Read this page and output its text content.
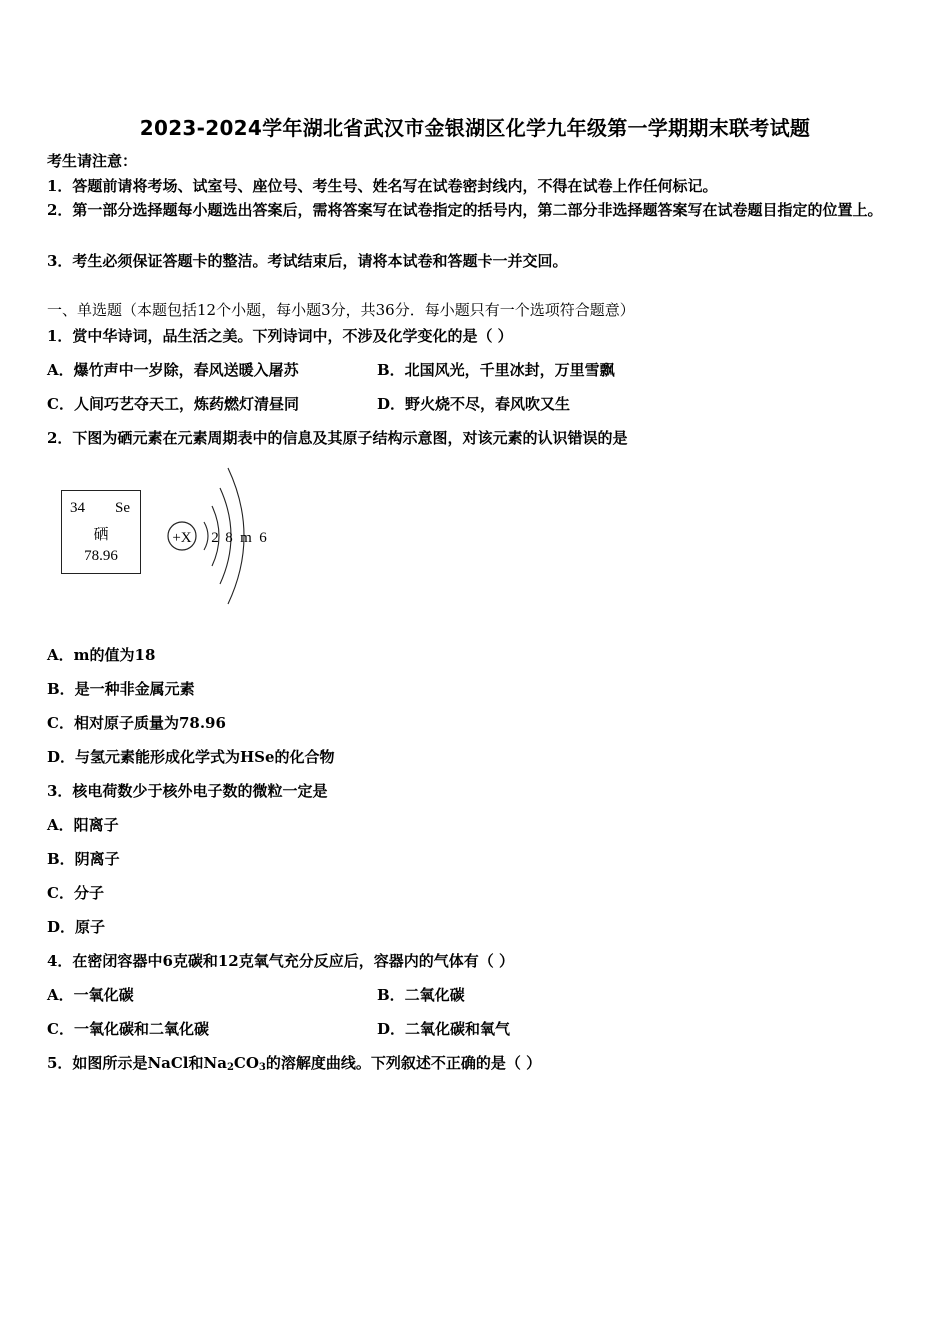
2023-2024学年湖北省武汉市金银湖区化学九年级第一学期期末联考试题
考生请注意：
1．答题前请将考场、试室号、座位号、考生号、姓名写在试卷密封线内，不得在试卷上作任何标记。
2．第一部分选择题每小题选出答案后，需将答案写在试卷指定的括号内，第二部分非选择题答案写在试卷题目指定的位置上。
3．考生必须保证答题卡的整洁。考试结束后，请将本试卷和答题卡一并交回。
一、单选题（本题包括12个小题，每小题3分，共36分．每小题只有一个选项符合题意）
1．赏中华诗词，品生活之美。下列诗词中，不涉及化学变化的是（ ）
A．爆竹声中一岁除，春风送暖入屠苏	B．北国风光，千里冰封，万里雪飘
C．人间巧艺夺天工，炼药燃灯清昼同	D．野火烧不尽，春风吹又生
2．下图为硒元素在元素周期表中的信息及其原子结构示意图，对该元素的认识错误的是
34 Se
硒
78.96
+X 2 8 m 6
A．m的值为18
B．是一种非金属元素
C．相对原子质量为78.96
D．与氢元素能形成化学式为HSe的化合物
3．核电荷数少于核外电子数的微粒一定是
A．阳离子
B．阴离子
C．分子
D．原子
4．在密闭容器中6克碳和12克氧气充分反应后，容器内的气体有（ ）
A．一氧化碳	B．二氧化碳
C．一氧化碳和二氧化碳	D．二氧化碳和氧气
5．如图所示是NaCl和$Na_2CO_3$的溶解度曲线。下列叙述不正确的是（ ）
